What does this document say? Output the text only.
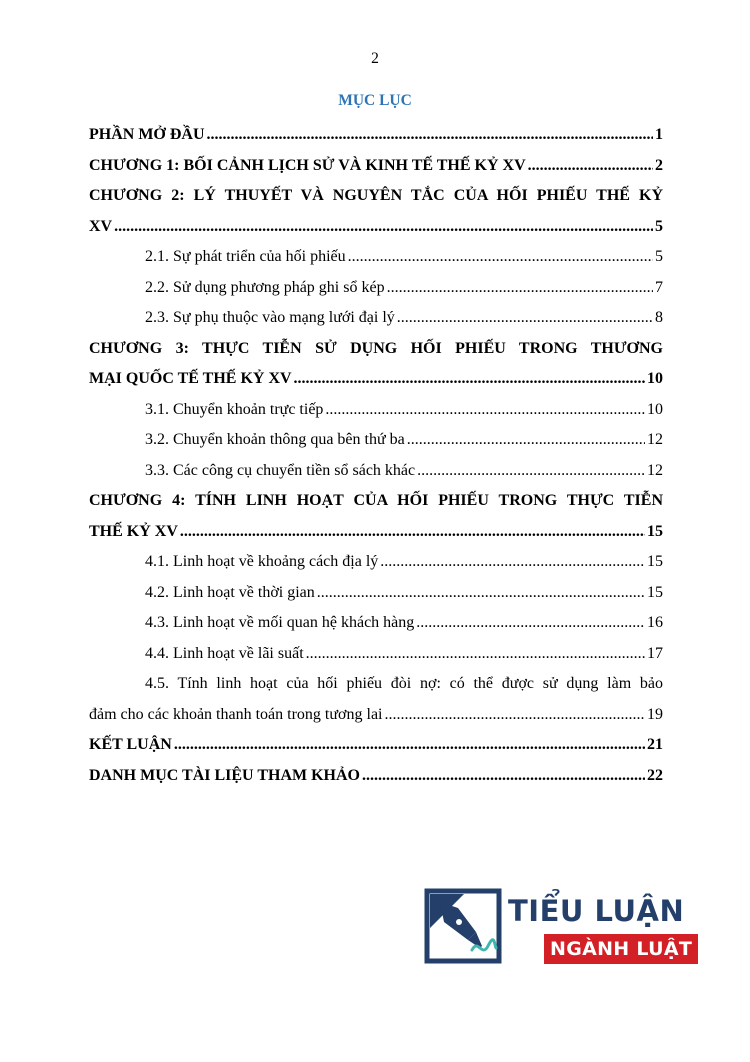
2
MỤC LỤC
PHẦN MỞ ĐẦU .....	1
CHƯƠNG 1: BỐI CẢNH LỊCH SỬ VÀ KINH TẾ THẾ KỶ XV .....	2
CHƯƠNG 2: LÝ THUYẾT VÀ NGUYÊN TẮC CỦA HỐI PHIẾU THẾ KỶ
XV .....	5
2.1. Sự phát triển của hối phiếu .....	5
2.2. Sử dụng phương pháp ghi sổ kép .....	7
2.3. Sự phụ thuộc vào mạng lưới đại lý .....	8
CHƯƠNG 3: THỰC TIỄN SỬ DỤNG HỐI PHIẾU TRONG THƯƠNG
MẠI QUỐC TẾ THẾ KỶ XV .....	10
3.1. Chuyển khoản trực tiếp .....	10
3.2. Chuyển khoản thông qua bên thứ ba .....	12
3.3. Các công cụ chuyển tiền sổ sách khác .....	12
CHƯƠNG 4: TÍNH LINH HOẠT CỦA HỐI PHIẾU TRONG THỰC TIỄN
THẾ KỶ XV .....	15
4.1. Linh hoạt về khoảng cách địa lý .....	15
4.2. Linh hoạt về thời gian .....	15
4.3. Linh hoạt về mối quan hệ khách hàng .....	16
4.4. Linh hoạt về lãi suất .....	17
4.5. Tính linh hoạt của hối phiếu đòi nợ: có thể được sử dụng làm bảo
đảm cho các khoản thanh toán trong tương lai .....	19
KẾT LUẬN .....	21
DANH MỤC TÀI LIỆU THAM KHẢO .....	22
TIỂU LUẬN
NGÀNH LUẬT
